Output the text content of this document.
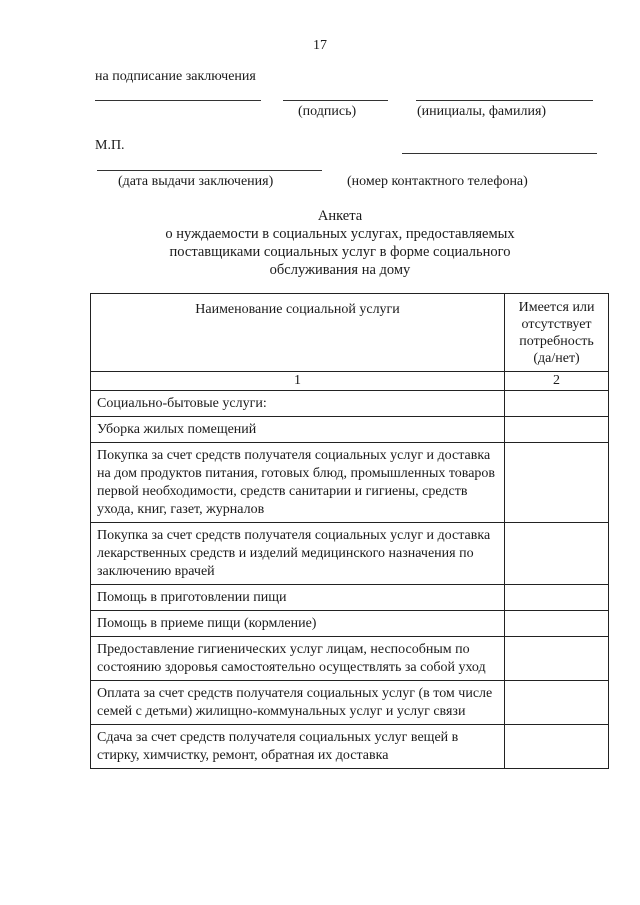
17
на подписание заключения
(подпись)	(инициалы, фамилия)
М.П.
(дата выдачи заключения)	(номер контактного телефона)
Анкета
о нуждаемости в социальных услугах, предоставляемых
поставщиками социальных услуг в форме социального
обслуживания на дому
Наименование социальной услуги	Имеется или отсутствует потребность (да/нет)

1	2

Социально-бытовые услуги:	

Уборка жилых помещений	

Покупка за счет средств получателя социальных услуг и доставка на дом продуктов питания, готовых блюд, промышленных товаров первой необходимости, средств санитарии и гигиены, средств ухода, книг, газет, журналов	

Покупка за счет средств получателя социальных услуг и доставка лекарственных средств и изделий медицинского назначения по заключению врачей	

Помощь в приготовлении пищи	

Помощь в приеме пищи (кормление)	

Предоставление гигиенических услуг лицам, неспособным по состоянию здоровья самостоятельно осуществлять за собой уход	

Оплата за счет средств получателя социальных услуг (в том числе семей с детьми) жилищно-коммунальных услуг и услуг связи	

Сдача за счет средств получателя социальных услуг вещей в стирку, химчистку, ремонт, обратная их доставка	
